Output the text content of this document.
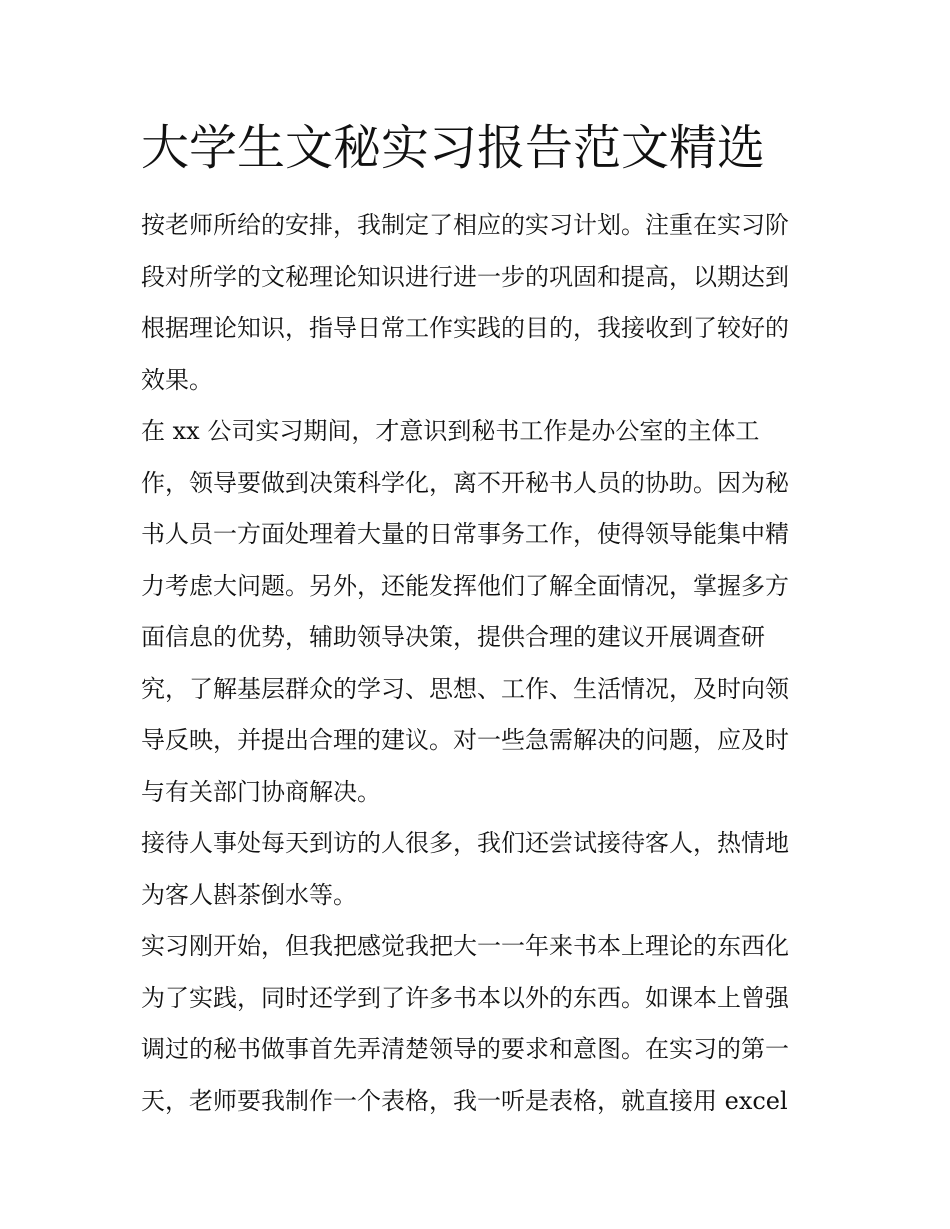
大学生文秘实习报告范文精选
按老师所给的安排，我制定了相应的实习计划。注重在实习阶
段对所学的文秘理论知识进行进一步的巩固和提高，以期达到
根据理论知识，指导日常工作实践的目的，我接收到了较好的
效果。
在 xx 公司实习期间，才意识到秘书工作是办公室的主体工
作，领导要做到决策科学化，离不开秘书人员的协助。因为秘
书人员一方面处理着大量的日常事务工作，使得领导能集中精
力考虑大问题。另外，还能发挥他们了解全面情况，掌握多方
面信息的优势，辅助领导决策，提供合理的建议开展调查研
究，了解基层群众的学习、思想、工作、生活情况，及时向领
导反映，并提出合理的建议。对一些急需解决的问题，应及时
与有关部门协商解决。
接待人事处每天到访的人很多，我们还尝试接待客人，热情地
为客人斟茶倒水等。
实习刚开始，但我把感觉我把大一一年来书本上理论的东西化
为了实践，同时还学到了许多书本以外的东西。如课本上曾强
调过的秘书做事首先弄清楚领导的要求和意图。在实习的第一
天，老师要我制作一个表格，我一听是表格，就直接用 excel
